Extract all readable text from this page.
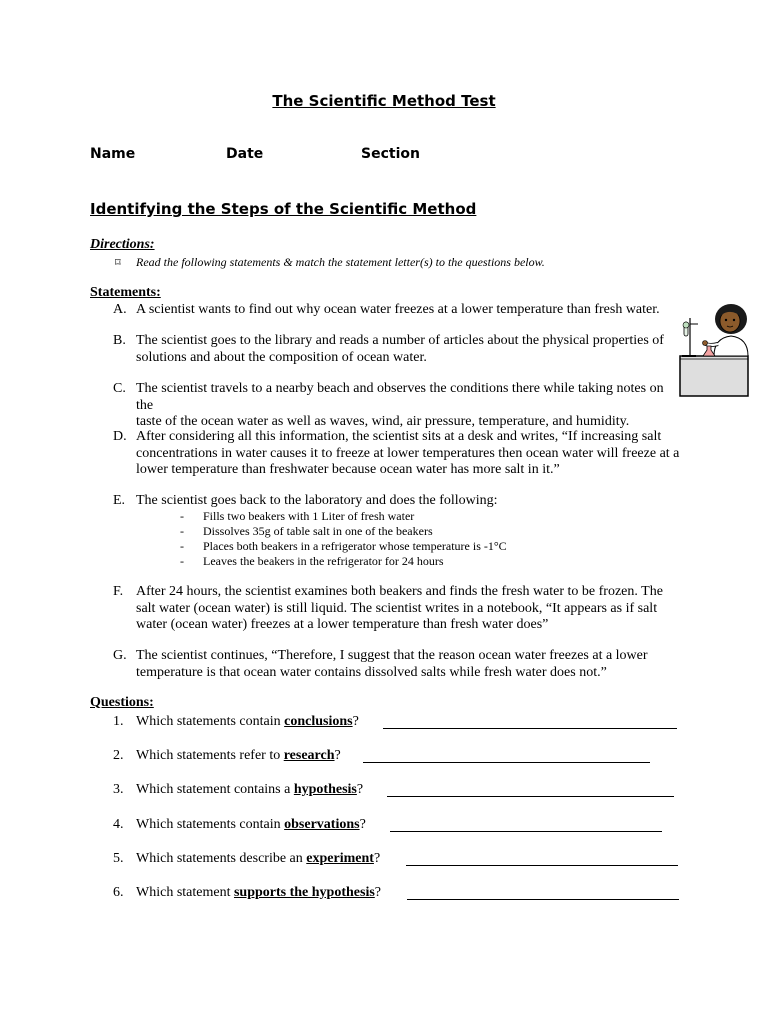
The Scientific Method Test
Name	Date	Section
Identifying the Steps of the Scientific Method
Directions:
⌑ Read the following statements & match the statement letter(s) to the questions below.
Statements:
A. A scientist wants to find out why ocean water freezes at a lower temperature than fresh water.
B. The scientist goes to the library and reads a number of articles about the physical properties of
solutions and about the composition of ocean water.
C. The scientist travels to a nearby beach and observes the conditions there while taking notes on the
taste of the ocean water as well as waves, wind, air pressure, temperature, and humidity.
D. After considering all this information, the scientist sits at a desk and writes, “If increasing salt
concentrations in water causes it to freeze at lower temperatures then ocean water will freeze at a
lower temperature than freshwater because ocean water has more salt in it.”
E. The scientist goes back to the laboratory and does the following:
- Fills two beakers with 1 Liter of fresh water
- Dissolves 35g of table salt in one of the beakers
- Places both beakers in a refrigerator whose temperature is -1°C
- Leaves the beakers in the refrigerator for 24 hours
F. After 24 hours, the scientist examines both beakers and finds the fresh water to be frozen. The
salt water (ocean water) is still liquid. The scientist writes in a notebook, “It appears as if salt
water (ocean water) freezes at a lower temperature than fresh water does”
G. The scientist continues, “Therefore, I suggest that the reason ocean water freezes at a lower
temperature is that ocean water contains dissolved salts while fresh water does not.”
Questions:
1. Which statements contain conclusions?
2. Which statements refer to research?
3. Which statement contains a hypothesis?
4. Which statements contain observations?
5. Which statements describe an experiment?
6. Which statement supports the hypothesis?
